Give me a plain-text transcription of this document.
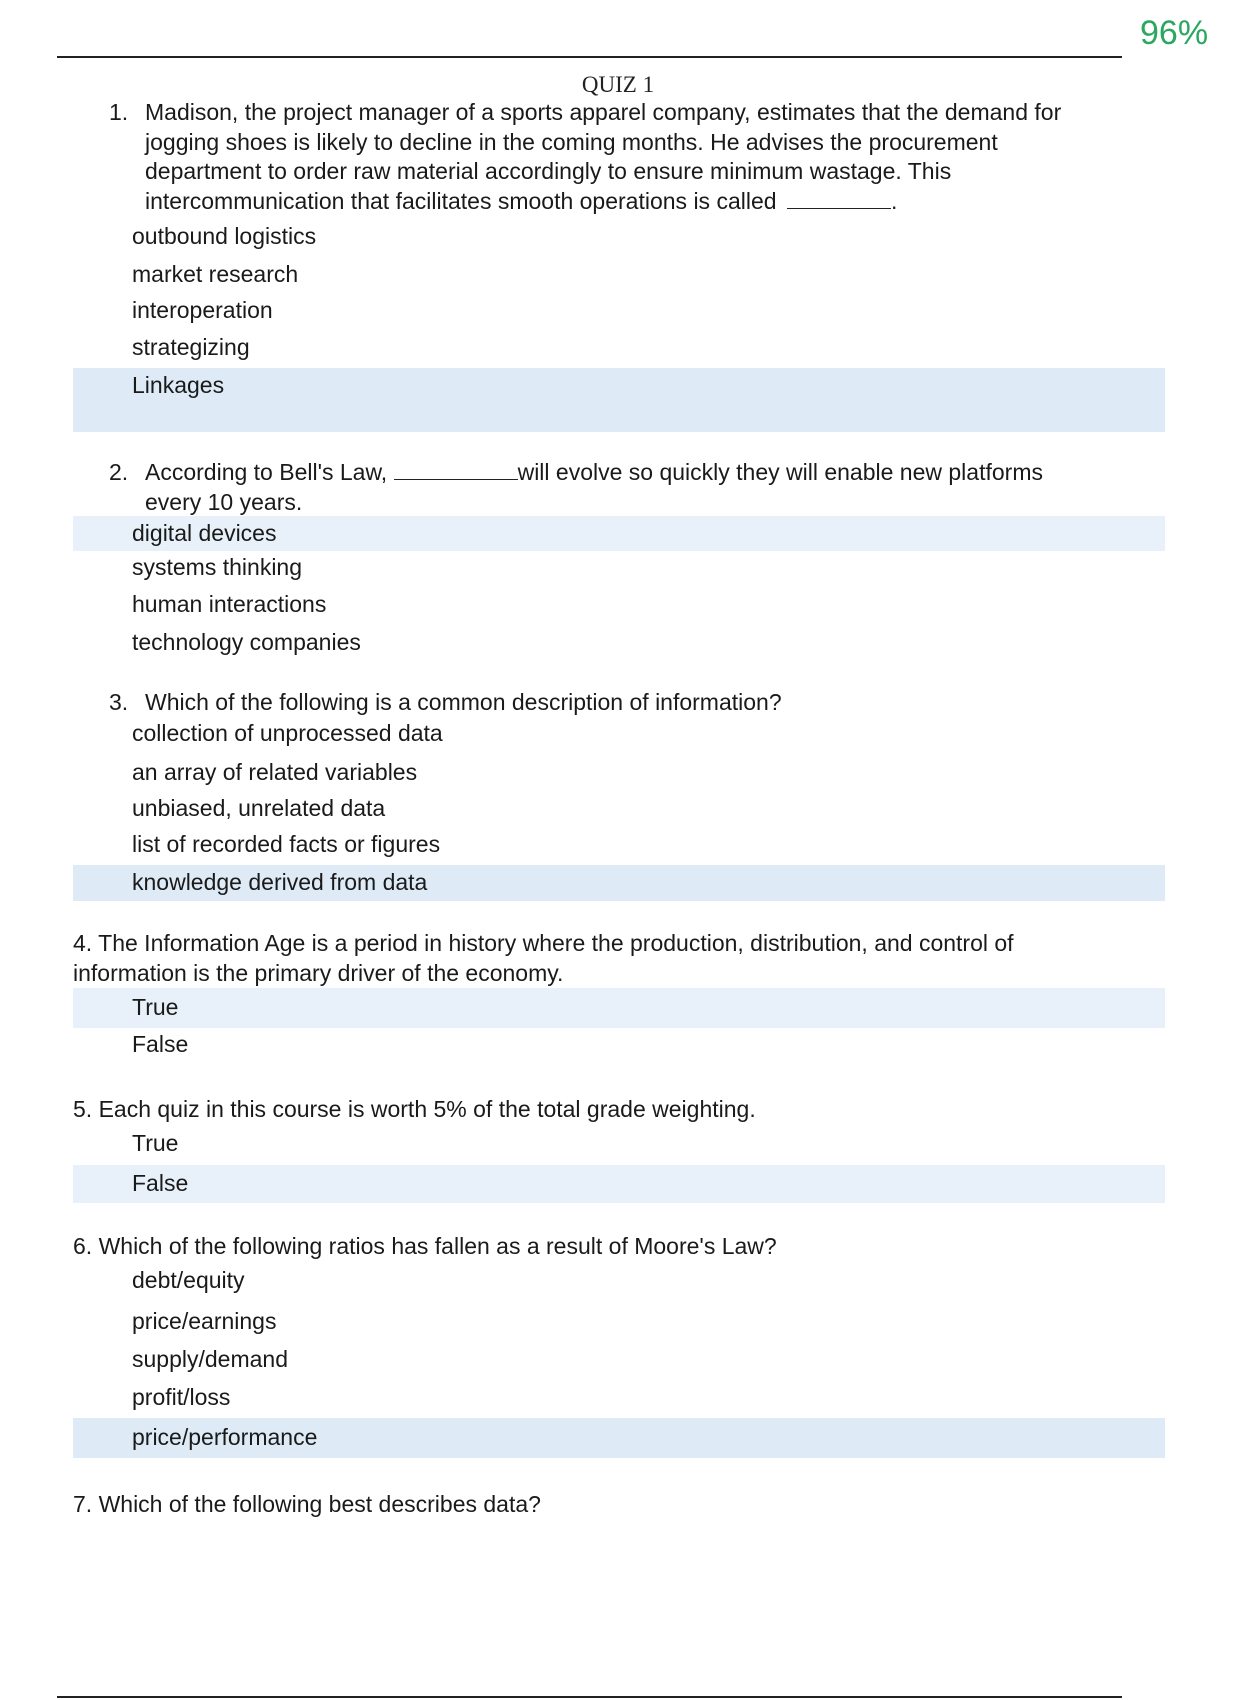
96%
QUIZ 1
1. Madison, the project manager of a sports apparel company, estimates that the demand for
jogging shoes is likely to decline in the coming months. He advises the procurement
department to order raw material accordingly to ensure minimum wastage. This
intercommunication that facilitates smooth operations is called	.
outbound logistics
market research
interoperation
strategizing
Linkages
2. According to Bell's Law,	will evolve so quickly they will enable new platforms
every 10 years.
digital devices
systems thinking
human interactions
technology companies
3. Which of the following is a common description of information?
collection of unprocessed data
an array of related variables
unbiased, unrelated data
list of recorded facts or figures
knowledge derived from data
4. The Information Age is a period in history where the production, distribution, and control of
information is the primary driver of the economy.
True
False
5. Each quiz in this course is worth 5% of the total grade weighting.
True
False
6. Which of the following ratios has fallen as a result of Moore's Law?
debt/equity
price/earnings
supply/demand
profit/loss
price/performance
7. Which of the following best describes data?
